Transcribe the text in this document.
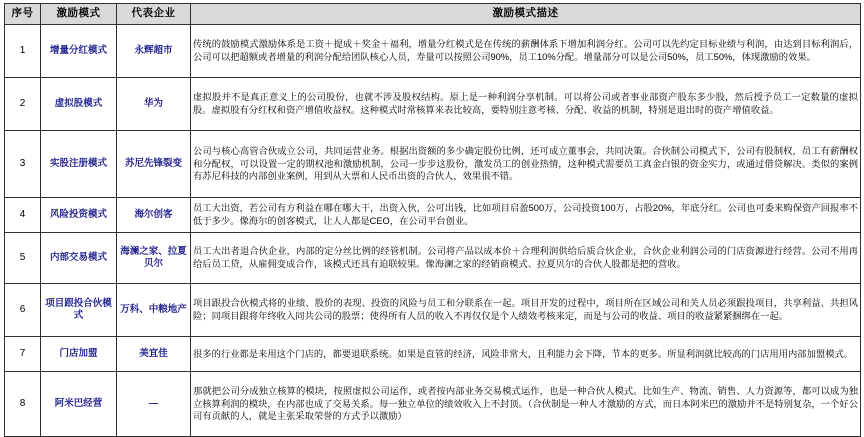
序号	激励模式	代表企业	激励模式描述
1	增量分红模式	永辉超市	传统的鼓励模式激励体系是工资＋提成＋奖金＋福利，增量分红模式是在传统的薪酬体系下增加利润分红。公司可以先约定目标业绩与利润，由达到目标利润后，公司可以把超额或者增量的利润分配给团队核心人员，寿量可以按照公司90%，员工10%分配。增量部分可以是公司50%，员工50%，体现激励的效果。
2	虚拟股模式	华为	虚拟股并不是真正意义上的公司股份，也就不涉及股权结构。原上是一种利润分享机制。可以将公司或者事业部资产股东多少股，然后授予员工一定数量的虚拟股。虚拟股有分红权和资产增值收益权。这种模式时常核算来表比较高，要特别注意考核、分配、收益的机制，特别是退出时的资产增值收益。
3	实股注册模式	苏尼先锋裂变	公司与核心高管合伙成立公司，共同运营业务。根据出资额的多少确定股份比例，还可成立董事会，共同决策。合伙制公司模式下，公司有股制权，员工有薪酬权和分配权，可以设置一定的期权池和激励机制，公司一步步这股份，激发员工的创业热情，这种模式需要员工真金白银的资金实力，或通过借贷解决。类似的案例有苏尼科技的内部创业案例，用到从大票和人民币出资的合伙人，效果很不错。
4	风险投资模式	海尔创客	员工大出资，若公司有方利益在哪在哪大干，出资入伙，公可出钱，比如项目启盈500万，公司投资100万，占股20%，年底分红。公司也可委来购保资产回报率不低于多少。像海尔的创客模式，让人人都是CEO，在公司平台创业。
5	内部交易模式	海澜之家、拉夏贝尔	员工大出者退合伙企业，内部的定分丝比例的经管机制。公司将产品以成本价＋合理利润供给后质合伙企业，合伙企业利润公司的门店资源进行经营。公司不用再给后员工贷，从雇佣变成合作，该模式还具有迫联较果。像海澜之家的经销商模式、拉夏贝尔的合伙人股都是把的营收。
6	项目跟投合伙模式	万科、中粮地产	项目跟投合伙模式将的业绩、股价的表现、投资的风险与员工和分联系在一起。项目开发的过程中，项目所在区域公司和关人员必须跟投项目，共享利益、共担风险；同项目跟将年终收入同共公司的股票；使得所有人员的收入不再仅仅是个人绩效考核来定，而是与公司的收益、项目的收益紧紧捆绑在一起。
7	门店加盟	美宜佳	很多的行业都是来用这个门店的，都要退联系统。如果是直管的经济，风险非常大，且利能力会下降，节本的更多。所显利润就比较高的门店用用内部加盟模式。
8	阿米巴经营	—	那就把公司分成独立核算的模块，按照虚拟公司运作，或者按内部业务交易模式运作，也是一种合伙人模式。比如生产、物流、销售、人力资源等，都可以成为独立核算利润的模块，在内部也成了交易关系。每一独立单位的绩效收入上不封顶。（合伙制是一种人才激励的方式，而日本阿米巴的激励并不是特别复杂，一个好公司有贡献的人，就是主张采取荣誉的方式予以激励）
